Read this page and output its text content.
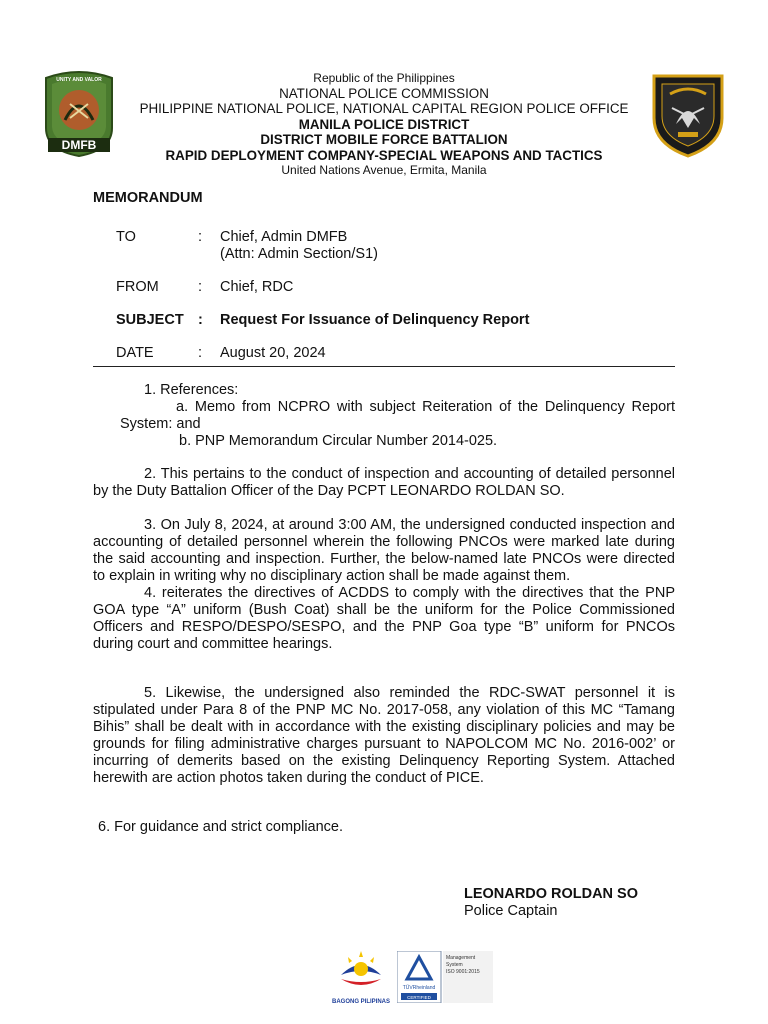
DMFB
UNITY AND VALOR	Republic of the Philippines
NATIONAL POLICE COMMISSION
PHILIPPINE NATIONAL POLICE, NATIONAL CAPITAL REGION POLICE OFFICE
MANILA POLICE DISTRICT
DISTRICT MOBILE FORCE BATTALION
RAPID DEPLOYMENT COMPANY-SPECIAL WEAPONS AND TACTICS
United Nations Avenue, Ermita, Manila
MEMORANDUM
TO	: Chief, Admin DMFB
(Attn: Admin Section/S1)
FROM	: Chief, RDC
SUBJECT : Request For Issuance of Delinquency Report
DATE	: August 20, 2024

1. References:

a. Memo from NCPRO with subject Reiteration of the Delinquency Report System: and

b. PNP Memorandum Circular Number 2014-025.

2. This pertains to the conduct of inspection and accounting of detailed personnel by the Duty Battalion Officer of the Day PCPT LEONARDO ROLDAN SO.

3. On July 8, 2024, at around 3:00 AM, the undersigned conducted inspection and accounting of detailed personnel wherein the following PNCOs were marked late during the said accounting and inspection. Further, the below-named late PNCOs were directed to explain in writing why no disciplinary action shall be made against them.

4. reiterates the directives of ACDDS to comply with the directives that the PNP GOA type “A” uniform (Bush Coat) shall be the uniform for the Police Commissioned Officers and RESPO/DESPO/SESPO, and the PNP Goa type “B” uniform for PNCOs during court and committee hearings.

5. Likewise, the undersigned also reminded the RDC-SWAT personnel it is stipulated under Para 8 of the PNP MC No. 2017-058, any violation of this MC “Tamang Bihis” shall be dealt with in accordance with the existing disciplinary policies and may be grounds for filing administrative charges pursuant to NAPOLCOM MC No. 2016-002’ or incurring of demerits based on the existing Delinquency Reporting System. Attached herewith are action photos taken during the conduct of PICE.

6. For guidance and strict compliance.

LEONARDO ROLDAN SO
Police Captain
BAGONG PILIPINAS
TÜVRheinland
CERTIFIED
Management
System
ISO 9001:2015
